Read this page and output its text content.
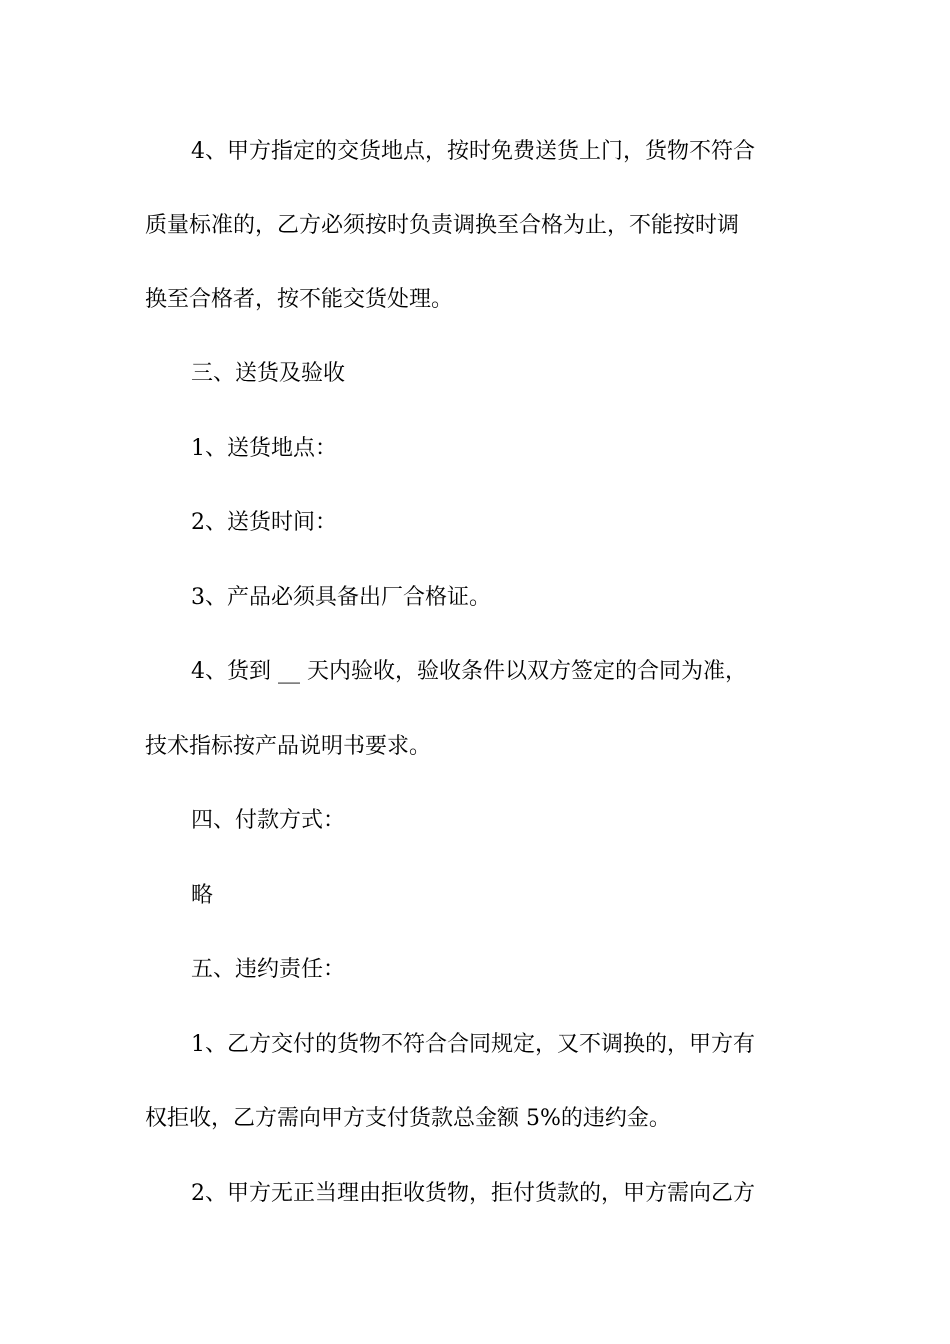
4、甲方指定的交货地点，按时免费送货上门，货物不符合
质量标准的，乙方必须按时负责调换至合格为止，不能按时调
换至合格者，按不能交货处理。
三、送货及验收
1、送货地点：
2、送货时间：
3、产品必须具备出厂合格证。
4、货到 __ 天内验收，验收条件以双方签定的合同为准，
技术指标按产品说明书要求。
四、付款方式：
略
五、违约责任：
1、乙方交付的货物不符合合同规定，又不调换的，甲方有
权拒收，乙方需向甲方支付货款总金额 5%的违约金。
2、甲方无正当理由拒收货物，拒付货款的，甲方需向乙方
